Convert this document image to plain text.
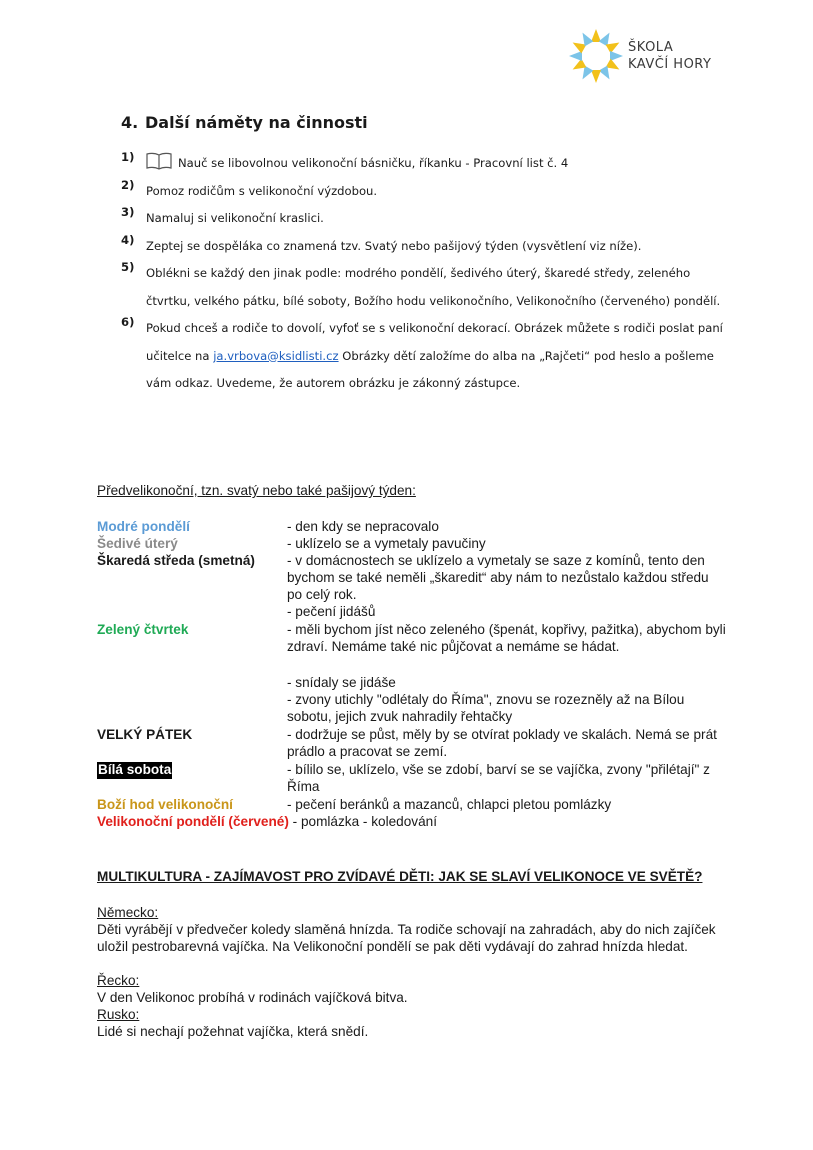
ŠKOLA
KAVČÍ HORY
4. Další náměty na činnosti
1)	Nauč se libovolnou velikonoční básničku, říkanku - Pracovní list č. 4
2)	Pomoz rodičům s velikonoční výzdobou.
3)	Namaluj si velikonoční kraslici.
4)	Zeptej se dospěláka co znamená tzv. Svatý nebo pašijový týden (vysvětlení viz níže).
5)	Oblékni se každý den jinak podle: modrého pondělí, šedivého úterý, škaredé středy, zeleného čtvrtku, velkého pátku, bílé soboty, Božího hodu velikonočního, Velikonočního (červeného) pondělí.
6)	Pokud chceš a rodiče to dovolí, vyfoť se s velikonoční dekorací. Obrázek můžete s rodiči poslat paní učitelce na ja.vrbova@ksidlisti.cz Obrázky dětí založíme do alba na „Rajčeti“ pod heslo a pošleme vám odkaz. Uvedeme, že autorem obrázku je zákonný zástupce.
Předvelikonoční, tzn. svatý nebo také pašijový týden:
Modré pondělí	- den kdy se nepracovalo
Šedivé úterý	- uklízelo se a vymetaly pavučiny
Škaredá středa (smetná) - v domácnostech se uklízelo a vymetaly se saze z komínů, tento den bychom se také neměli „škaredit“ aby nám to nezůstalo každou středu po celý rok.
- pečení jidášů
Zelený čtvrtek	- měli bychom jíst něco zeleného (špenát, kopřivy, pažitka), abychom byli zdraví. Nemáme také nic půjčovat a nemáme se hádat.
- snídaly se jidáše
- zvony utichly "odlétaly do Říma", znovu se rozezněly až na Bílou sobotu, jejich zvuk nahradily řehtačky
VELKÝ PÁTEK	- dodržuje se půst, měly by se otvírat poklady ve skalách. Nemá se prát prádlo a pracovat se zemí.
Bílá sobota	- bílilo se, uklízelo, vše se zdobí, barví se se vajíčka, zvony "přilétají" z Říma
Boží hod velikonoční	- pečení beránků a mazanců, chlapci pletou pomlázky
Velikonoční pondělí (červené) - pomlázka - koledování
MULTIKULTURA - ZAJÍMAVOST PRO ZVÍDAVÉ DĚTI: JAK SE SLAVÍ VELIKONOCE VE SVĚTĚ?
Německo:
Děti vyrábějí v předvečer koledy slaměná hnízda. Ta rodiče schovají na zahradách, aby do nich zajíček uložil pestrobarevná vajíčka. Na Velikonoční pondělí se pak děti vydávají do zahrad hnízda hledat.
Řecko:
V den Velikonoc probíhá v rodinách vajíčková bitva.
Rusko:
Lidé si nechají požehnat vajíčka, která snědí.
